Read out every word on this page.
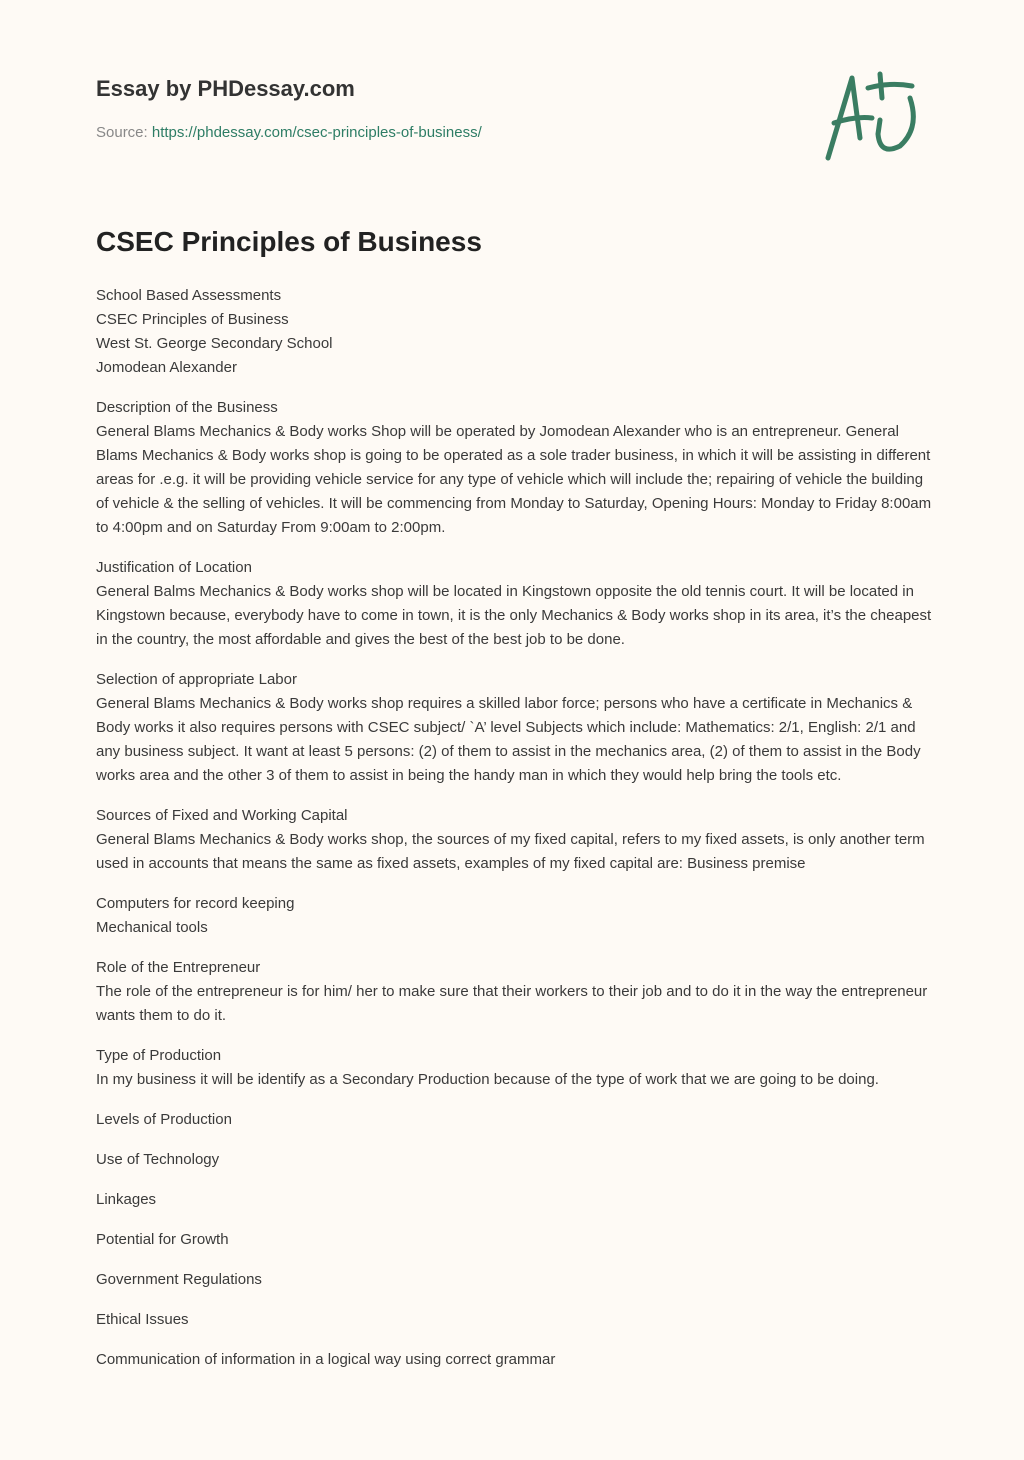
Essay by PHDessay.com
Source: https://phdessay.com/csec-principles-of-business/
CSEC Principles of Business

School Based Assessments
CSEC Principles of Business
West St. George Secondary School
Jomodean Alexander

Description of the Business
General Blams Mechanics & Body works Shop will be operated by Jomodean Alexander who is an entrepreneur. General Blams Mechanics & Body works shop is going to be operated as a sole trader business, in which it will be assisting in different areas for .e.g. it will be providing vehicle service for any type of vehicle which will include the; repairing of vehicle the building of vehicle & the selling of vehicles. It will be commencing from Monday to Saturday, Opening Hours: Monday to Friday 8:00am to 4:00pm and on Saturday From 9:00am to 2:00pm.

Justification of Location
General Balms Mechanics & Body works shop will be located in Kingstown opposite the old tennis court. It will be located in Kingstown because, everybody have to come in town, it is the only Mechanics & Body works shop in its area, it’s the cheapest in the country, the most affordable and gives the best of the best job to be done.

Selection of appropriate Labor
General Blams Mechanics & Body works shop requires a skilled labor force; persons who have a certificate in Mechanics & Body works it also requires persons with CSEC subject/ `A’ level Subjects which include: Mathematics: 2/1, English: 2/1 and any business subject. It want at least 5 persons: (2) of them to assist in the mechanics area, (2) of them to assist in the Body works area and the other 3 of them to assist in being the handy man in which they would help bring the tools etc.

Sources of Fixed and Working Capital
General Blams Mechanics & Body works shop, the sources of my fixed capital, refers to my fixed assets, is only another term used in accounts that means the same as fixed assets, examples of my fixed capital are: Business premise

Computers for record keeping
Mechanical tools

Role of the Entrepreneur
The role of the entrepreneur is for him/ her to make sure that their workers to their job and to do it in the way the entrepreneur wants them to do it.

Type of Production
In my business it will be identify as a Secondary Production because of the type of work that we are going to be doing.

Levels of Production

Use of Technology

Linkages

Potential for Growth

Government Regulations

Ethical Issues

Communication of information in a logical way using correct grammar
